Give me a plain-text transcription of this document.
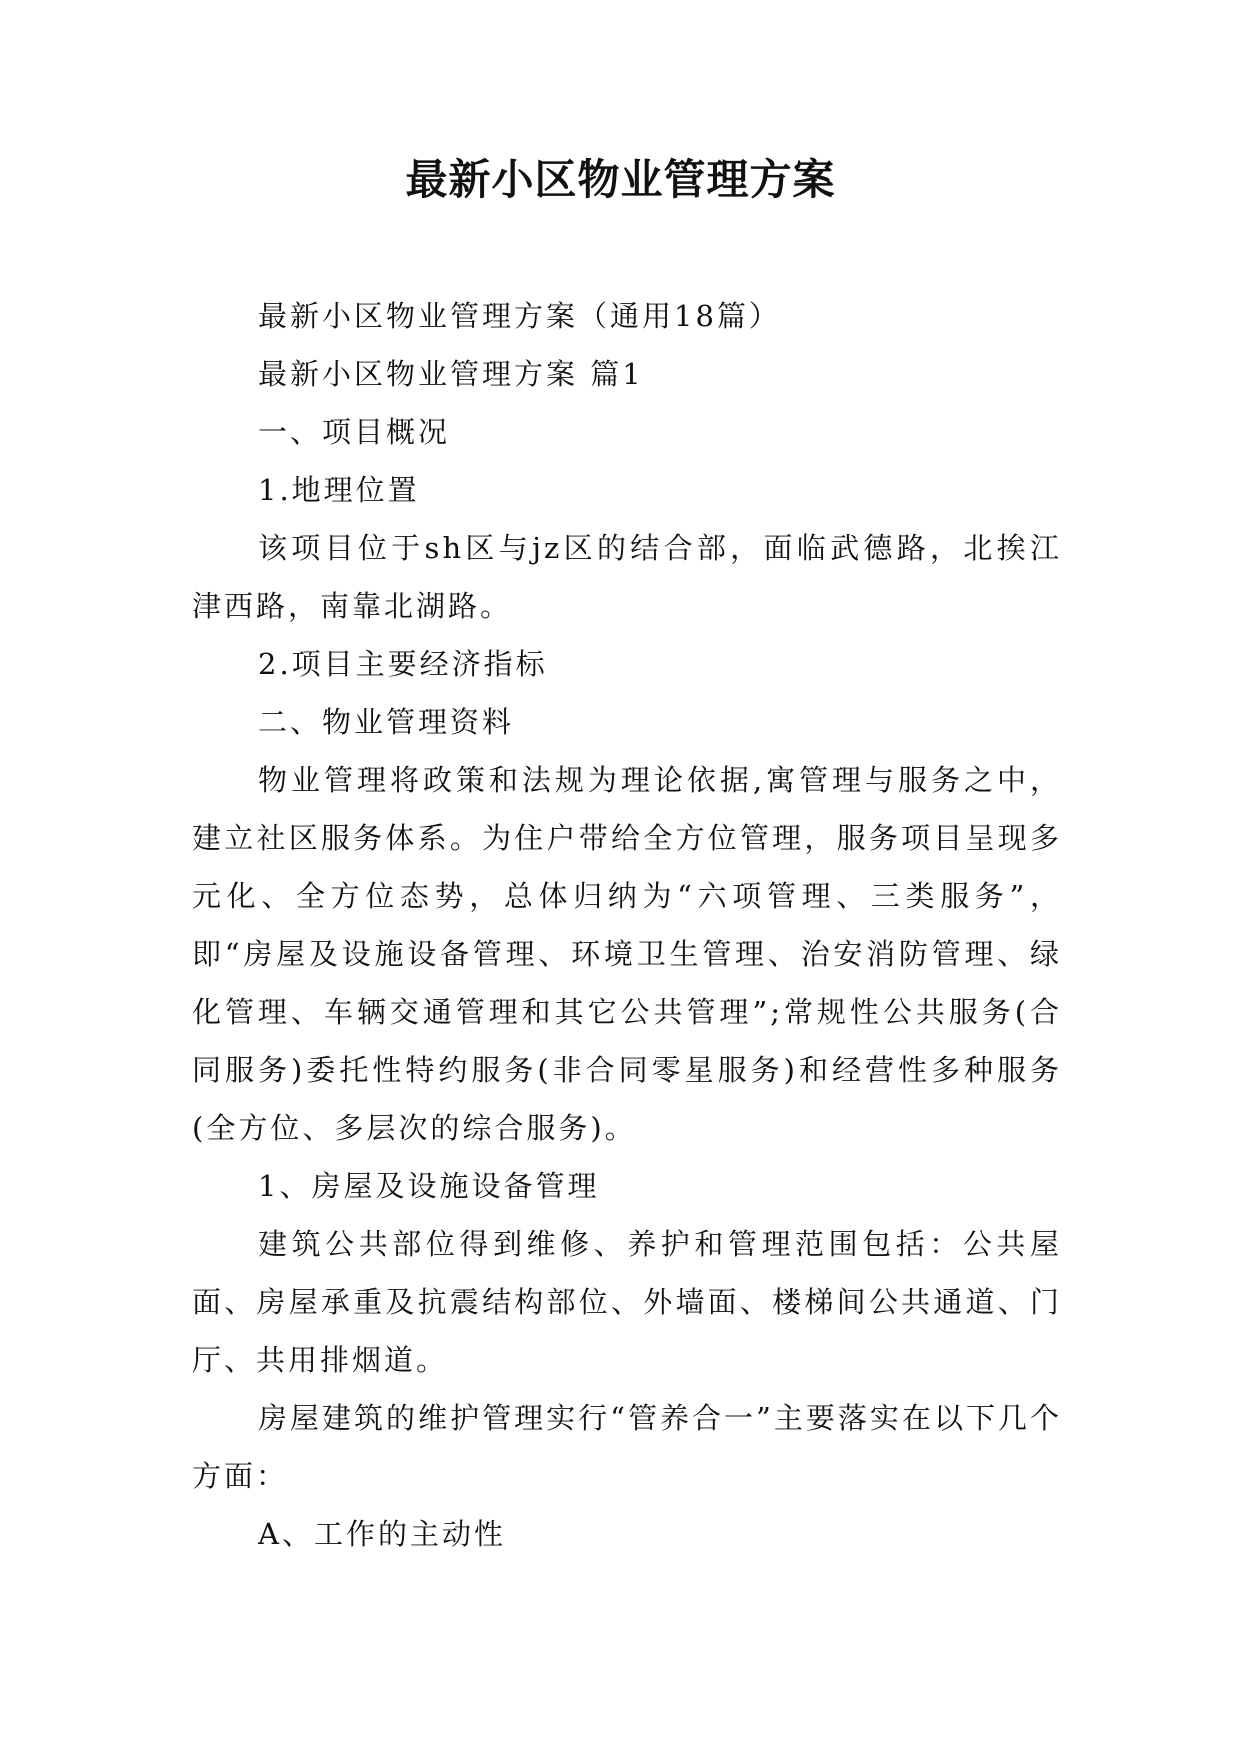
最新小区物业管理方案

最新小区物业管理方案（通用18篇）

最新小区物业管理方案 篇1

一、项目概况

1.地理位置

该项目位于sh区与jz区的结合部，面临武德路，北挨江津西路，南靠北湖路。

2.项目主要经济指标

二、物业管理资料

物业管理将政策和法规为理论依据,寓管理与服务之中，建立社区服务体系。为住户带给全方位管理，服务项目呈现多元化、全方位态势，总体归纳为“六项管理、三类服务”，即“房屋及设施设备管理、环境卫生管理、治安消防管理、绿化管理、车辆交通管理和其它公共管理”;常规性公共服务(合同服务)委托性特约服务(非合同零星服务)和经营性多种服务(全方位、多层次的综合服务)。

1、房屋及设施设备管理

建筑公共部位得到维修、养护和管理范围包括：公共屋面、房屋承重及抗震结构部位、外墙面、楼梯间公共通道、门厅、共用排烟道。

房屋建筑的维护管理实行“管养合一”主要落实在以下几个方面：

A、工作的主动性
